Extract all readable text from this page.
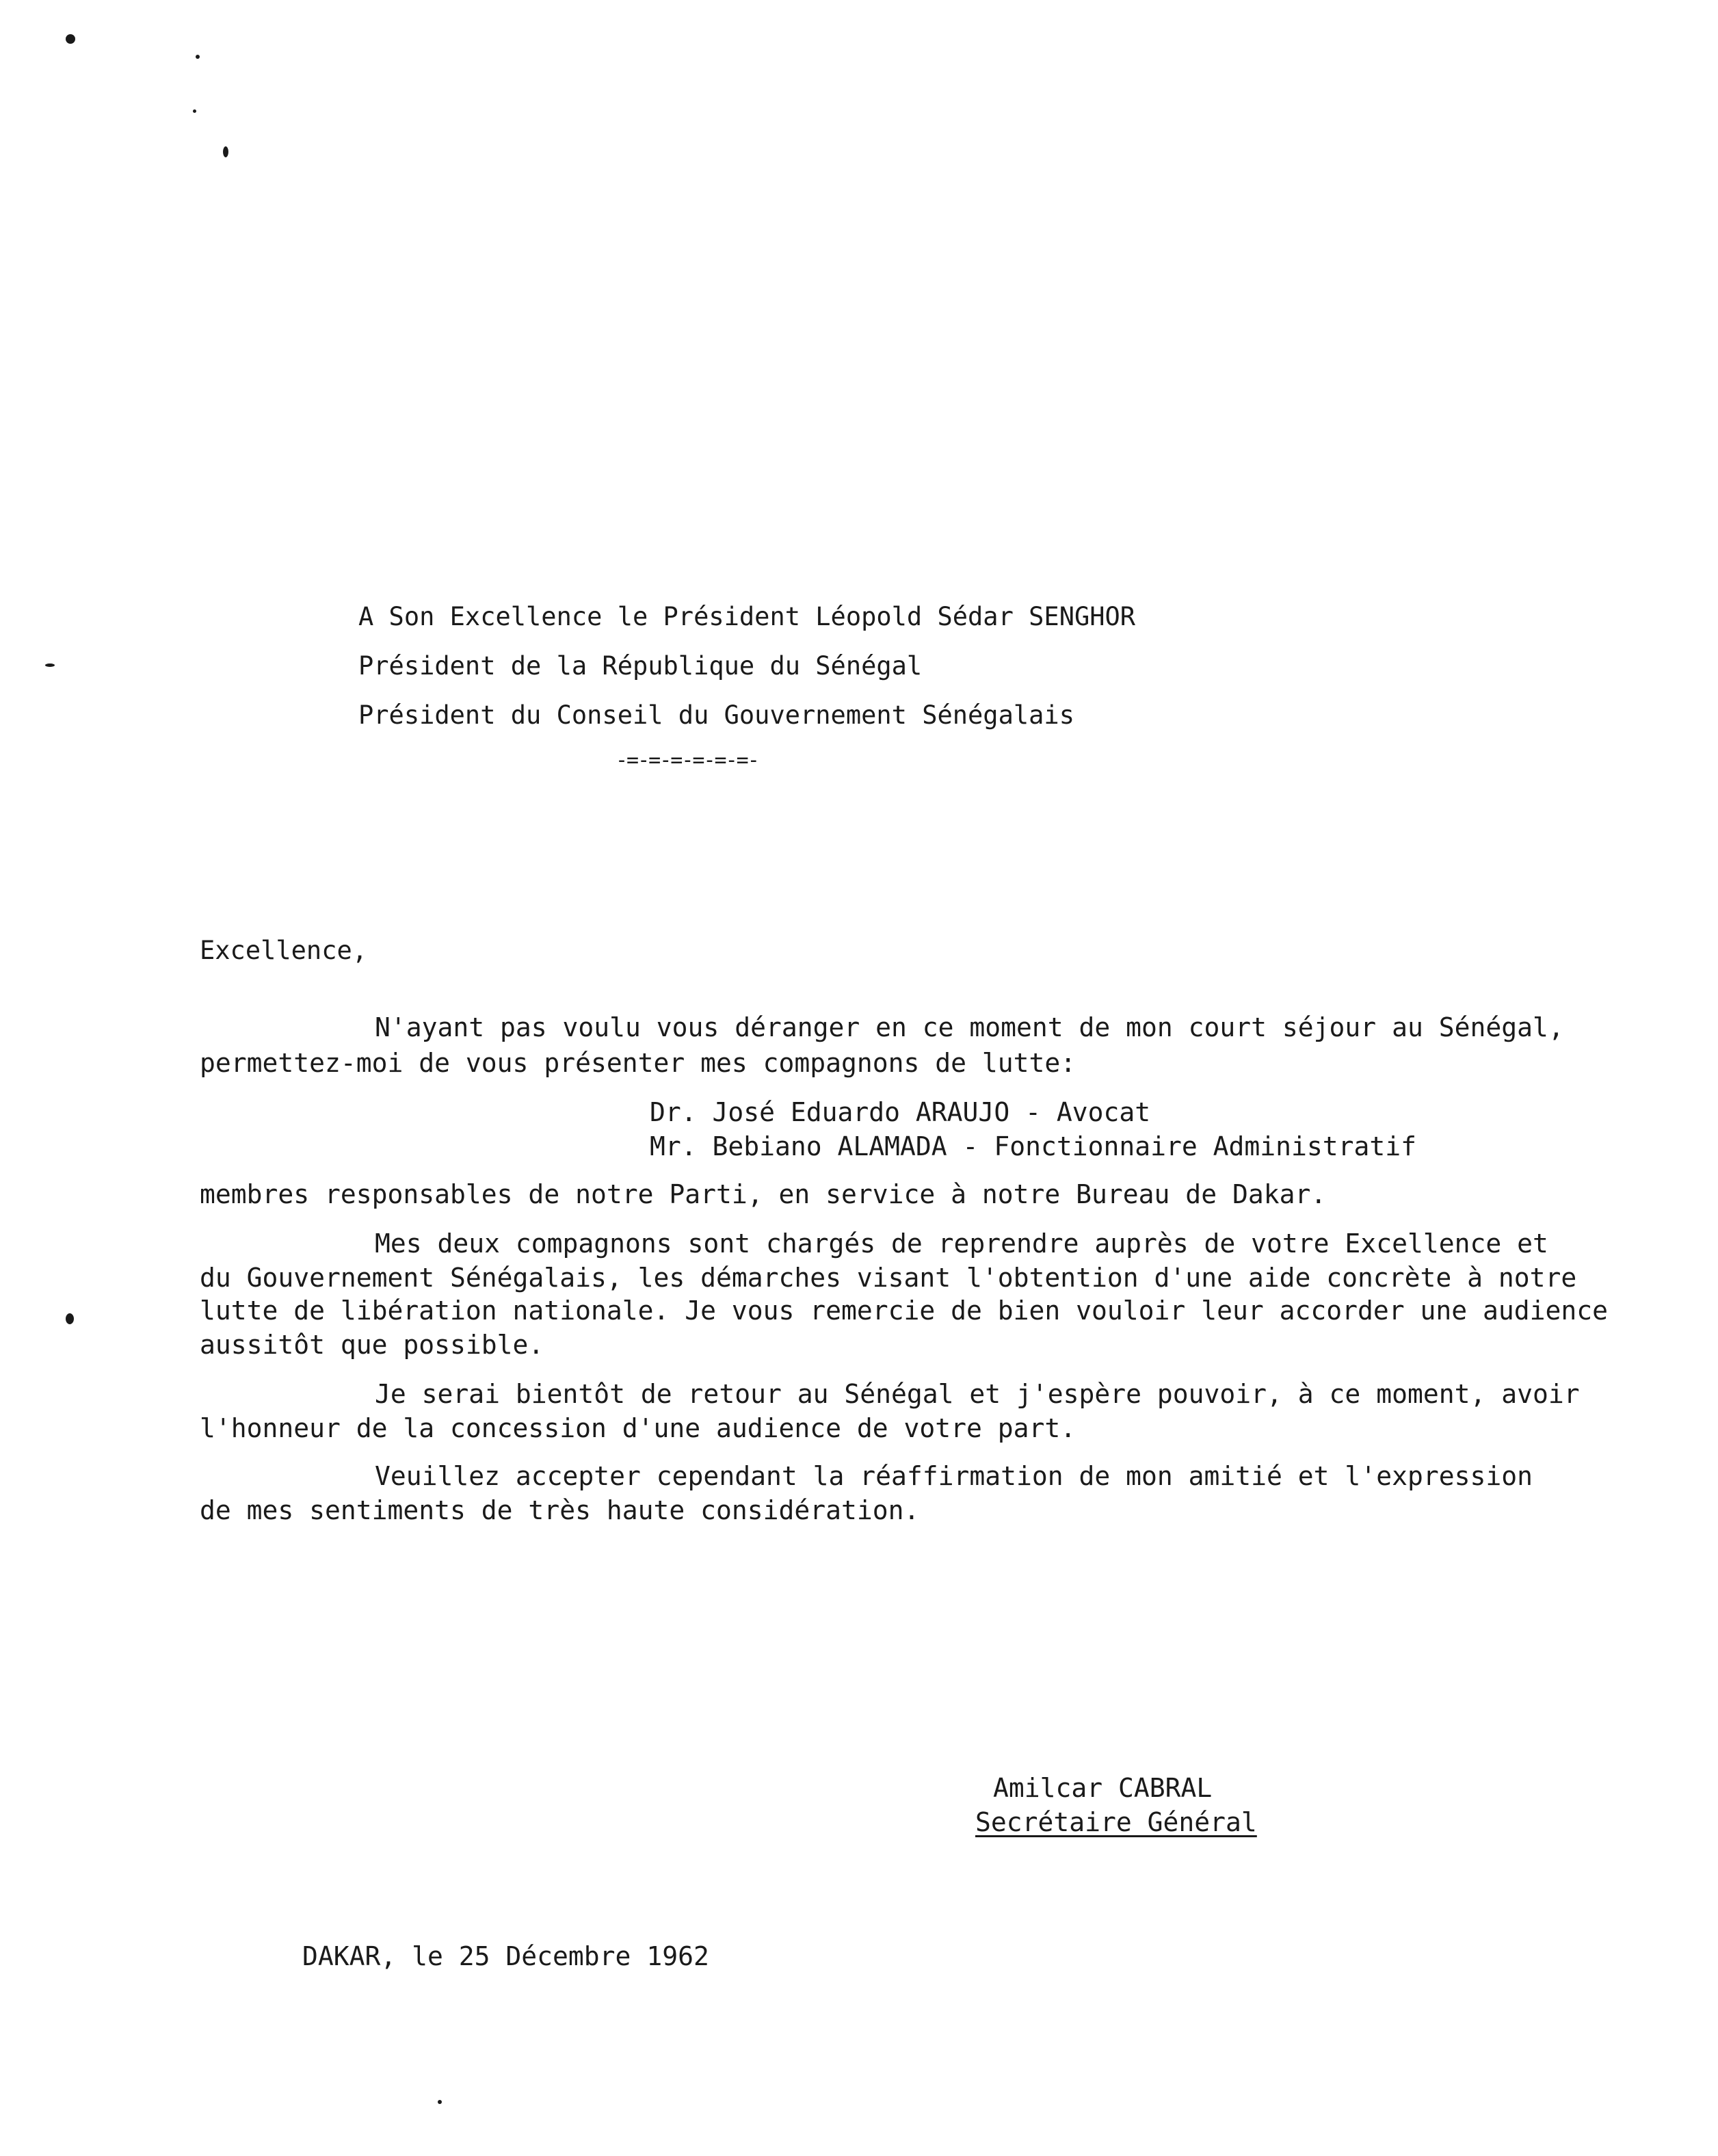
A Son Excellence le Président Léopold Sédar SENGHOR
Président de la République du Sénégal
Président du Conseil du Gouvernement Sénégalais
-=-=-=-=-=-=-
Excellence,
N'ayant pas voulu vous déranger en ce moment de mon court séjour au Sénégal,
permettez-moi de vous présenter mes compagnons de lutte:
Dr. José Eduardo ARAUJO - Avocat
Mr. Bebiano ALAMADA - Fonctionnaire Administratif
membres responsables de notre Parti, en service à notre Bureau de Dakar.
Mes deux compagnons sont chargés de reprendre auprès de votre Excellence et
du Gouvernement Sénégalais, les démarches visant l'obtention d'une aide concrète à notre
lutte de libération nationale. Je vous remercie de bien vouloir leur accorder une audience
aussitôt que possible.
Je serai bientôt de retour au Sénégal et j'espère pouvoir, à ce moment, avoir
l'honneur de la concession d'une audience de votre part.
Veuillez accepter cependant la réaffirmation de mon amitié et l'expression
de mes sentiments de très haute considération.
Amilcar CABRAL
Secrétaire Général
DAKAR, le 25 Décembre 1962
